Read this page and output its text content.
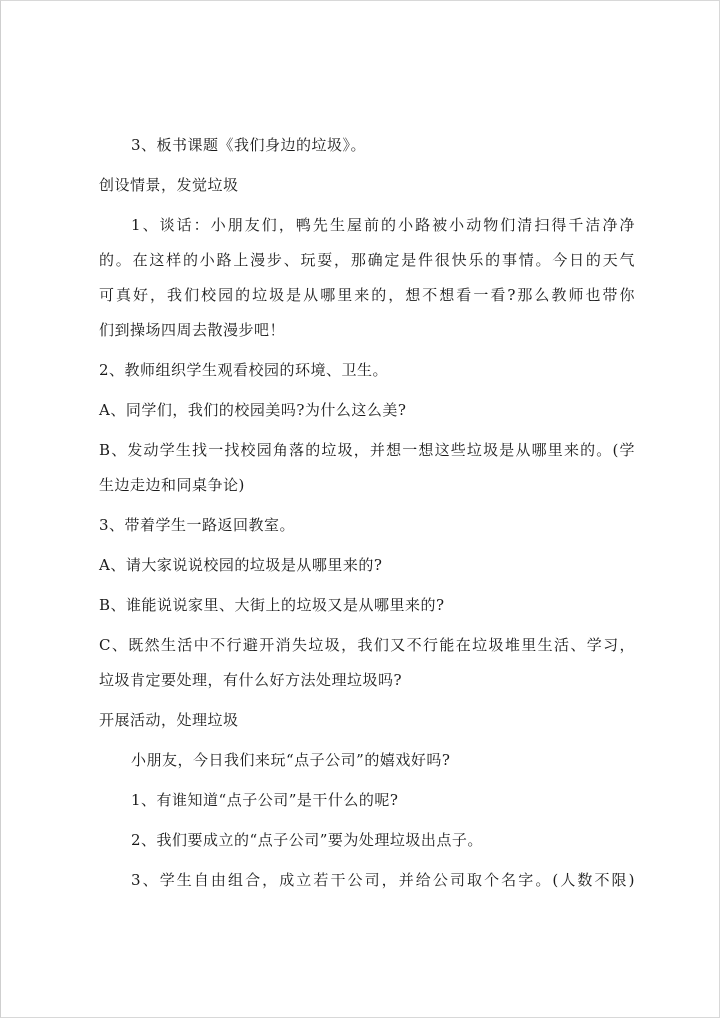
3、板书课题《我们身边的垃圾》。
创设情景，发觉垃圾
1、谈话：小朋友们，鸭先生屋前的小路被小动物们清扫得千洁净净
的。在这样的小路上漫步、玩耍，那确定是件很快乐的事情。今日的天气
可真好，我们校园的垃圾是从哪里来的，想不想看一看?那么教师也带你
们到操场四周去散漫步吧！
2、教师组织学生观看校园的环境、卫生。
A、同学们，我们的校园美吗?为什么这么美?
B、发动学生找一找校园角落的垃圾，并想一想这些垃圾是从哪里来的。(学
生边走边和同桌争论)
3、带着学生一路返回教室。
A、请大家说说校园的垃圾是从哪里来的?
B、谁能说说家里、大街上的垃圾又是从哪里来的?
C、既然生活中不行避开消失垃圾，我们又不行能在垃圾堆里生活、学习，
垃圾肯定要处理，有什么好方法处理垃圾吗?
开展活动，处理垃圾
小朋友，今日我们来玩“点子公司”的嬉戏好吗?
1、有谁知道“点子公司”是干什么的呢?
2、我们要成立的“点子公司”要为处理垃圾出点子。
3、学生自由组合，成立若干公司，并给公司取个名字。(人数不限)
